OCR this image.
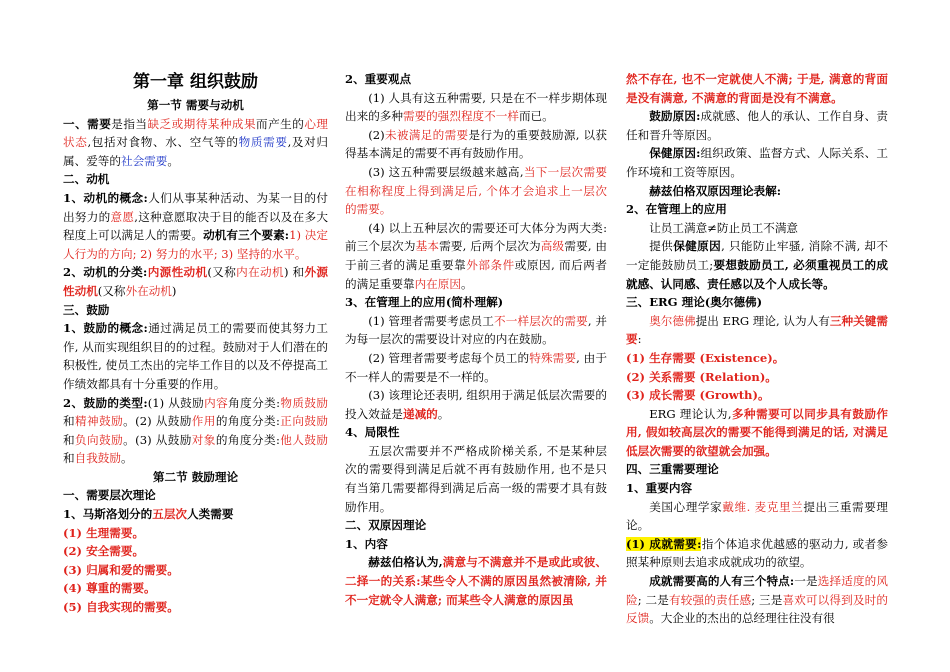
第一章 组织鼓励

第一节 需要与动机

一、需要是指当缺乏或期待某种成果而产生的心理状态,包括对食物、水、空气等的物质需要,及对归属、爱等的社会需要。

二、动机

1、动机的概念:人们从事某种活动、为某一目的付出努力的意愿,这种意愿取决于目的能否以及在多大程度上可以满足人的需要。动机有三个要素:1) 决定人行为的方向; 2) 努力的水平; 3) 坚持的水平。

2、动机的分类:内源性动机(又称内在动机) 和外源性动机(又称外在动机)

三、鼓励

1、鼓励的概念:通过满足员工的需要而使其努力工作, 从而实现组织目的的过程。鼓励对于人们潜在的积极性, 使员工杰出的完毕工作目的以及不停提高工作绩效都具有十分重要的作用。

2、鼓励的类型:(1) 从鼓励内容角度分类:物质鼓励和精神鼓励。(2) 从鼓励作用的角度分类:正向鼓励和负向鼓励。(3) 从鼓励对象的角度分类:他人鼓励和自我鼓励。

第二节 鼓励理论

一、需要层次理论

1、马斯洛划分的五层次人类需要

(1) 生理需要。

(2) 安全需要。

(3) 归属和爱的需要。

(4) 尊重的需要。

(5) 自我实现的需要。

2、重要观点

(1) 人具有这五种需要, 只是在不一样步期体现出来的多种需要的强烈程度不一样而已。

(2)未被满足的需要是行为的重要鼓励源, 以获得基本满足的需要不再有鼓励作用。

(3) 这五种需要层级越来越高,当下一层次需要在相称程度上得到满足后, 个体才会追求上一层次的需要。

(4) 以上五种层次的需要还可大体分为两大类: 前三个层次为基本需要, 后两个层次为高级需要, 由于前三者的满足重要靠外部条件或原因, 而后两者的满足重要靠内在原因。

3、在管理上的应用(简朴理解)

(1) 管理者需要考虑员工不一样层次的需要, 并为每一层次的需要设计对应的内在鼓励。

(2) 管理者需要考虑每个员工的特殊需要, 由于不一样人的需要是不一样的。

(3) 该理论还表明, 组织用于满足低层次需要的投入效益是递减的。

4、局限性

五层次需要并不严格成阶梯关系, 不是某种层次的需要得到满足后就不再有鼓励作用, 也不是只有当第几需要都得到满足后高一级的需要才具有鼓励作用。

二、双原因理论

1、内容

赫兹伯格认为,满意与不满意并不是或此或彼、二择一的关系:某些令人不满的原因虽然被清除, 并不一定就令人满意; 而某些令人满意的原因虽

然不存在, 也不一定就使人不满; 于是, 满意的背面是没有满意, 不满意的背面是没有不满意。

鼓励原因:成就感、他人的承认、工作自身、责任和晋升等原因。

保健原因:组织政策、监督方式、人际关系、工作环境和工资等原因。

赫兹伯格双原因理论表解:

2、在管理上的应用

让员工满意≠防止员工不满意

提供保健原因, 只能防止牢骚, 消除不满, 却不一定能鼓励员工;要想鼓励员工, 必须重视员工的成就感、认同感、责任感以及个人成长等。

三、ERG 理论(奥尔德佛)

奥尔德佛提出 ERG 理论, 认为人有三种关键需要:

(1) 生存需要 (Existence)。

(2) 关系需要 (Relation)。

(3) 成长需要 (Growth)。

ERG 理论认为,多种需要可以同步具有鼓励作用, 假如较高层次的需要不能得到满足的话, 对满足低层次需要的欲望就会加强。

四、三重需要理论

1、重要内容

美国心理学家戴维. 麦克里兰提出三重需要理论。

(1) 成就需要:指个体追求优越感的驱动力, 或者参照某种原则去追求成就成功的欲望。

成就需要高的人有三个特点:一是选择适度的风险; 二是有较强的责任感; 三是喜欢可以得到及时的反馈。大企业的杰出的总经理往往没有很
